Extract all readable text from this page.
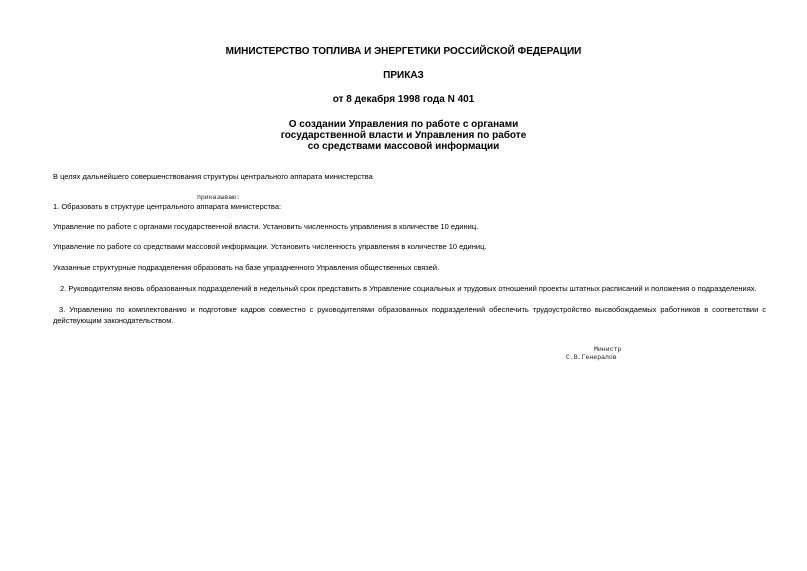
МИНИСТЕРСТВО ТОПЛИВА И ЭНЕРГЕТИКИ РОССИЙСКОЙ ФЕДЕРАЦИИ
ПРИКАЗ
от 8 декабря 1998 года N 401
О создании Управления по работе с органами
государственной власти и Управления по работе
со средствами массовой информации
В целях дальнейшего совершенствования структуры центрального аппарата министерства
приказываю:
1. Образовать в структуре центрального аппарата министерства:
Управление по работе с органами государственной власти. Установить численность управления в количестве 10 единиц.
Управление по работе со средствами массовой информации. Установить численность управления в количестве 10 единиц.
Указанные структурные подразделения образовать на базе упраздненного Управления общественных связей.
2. Руководителям вновь образованных подразделений в недельный срок представить в Управление социальных и трудовых отношений проекты штатных расписаний и положения о подразделениях.
3. Управлению по комплектованию и подготовке кадров совместно с руководителями образованных подразделений обеспечить трудоустройство высвобождаемых работников в соответствии с действующим законодательством.
Министр
С.В.Генералов
